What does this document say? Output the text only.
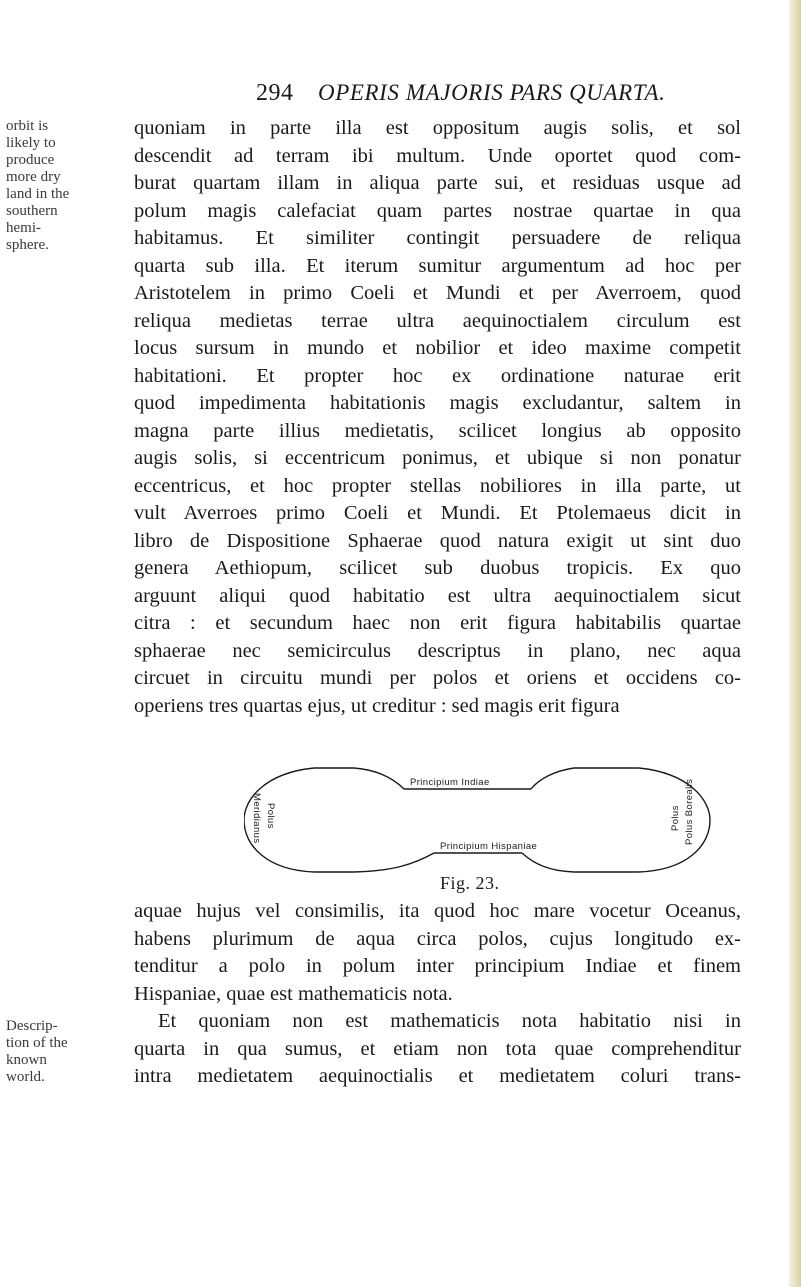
294 OPERIS MAJORIS PARS QUARTA.
orbit is
likely to
produce
more dry
land in the
southern
hemi-
sphere.
quoniam in parte illa est oppositum augis solis, et sol
descendit ad terram ibi multum. Unde oportet quod com-
burat quartam illam in aliqua parte sui, et residuas usque ad
polum magis calefaciat quam partes nostrae quartae in qua
habitamus. Et similiter contingit persuadere de reliqua
quarta sub illa. Et iterum sumitur argumentum ad hoc per
Aristotelem in primo Coeli et Mundi et per Averroem, quod
reliqua medietas terrae ultra aequinoctialem circulum est
locus sursum in mundo et nobilior et ideo maxime competit
habitationi. Et propter hoc ex ordinatione naturae erit
quod impedimenta habitationis magis excludantur, saltem in
magna parte illius medietatis, scilicet longius ab opposito
augis solis, si eccentricum ponimus, et ubique si non ponatur
eccentricus, et hoc propter stellas nobiliores in illa parte, ut
vult Averroes primo Coeli et Mundi. Et Ptolemaeus dicit in
libro de Dispositione Sphaerae quod natura exigit ut sint duo
genera Aethiopum, scilicet sub duobus tropicis. Ex quo
arguunt aliqui quod habitatio est ultra aequinoctialem sicut
citra : et secundum haec non erit figura habitabilis quartae
sphaerae nec semicirculus descriptus in plano, nec aqua
circuet in circuitu mundi per polos et oriens et occidens co-
operiens tres quartas ejus, ut creditur : sed magis erit figura
Principium Indiae
Principium Hispaniae
Meridianus Polus	Polus Borealis
Polus
Fig. 23.
aquae hujus vel consimilis, ita quod hoc mare vocetur Oceanus,
habens plurimum de aqua circa polos, cujus longitudo ex-
tenditur a polo in polum inter principium Indiae et finem
Hispaniae, quae est mathematicis nota.
Et quoniam non est mathematicis nota habitatio nisi in
quarta in qua sumus, et etiam non tota quae comprehenditur
intra medietatem aequinoctialis et medietatem coluri trans-
Descrip-
tion of the
known
world.
